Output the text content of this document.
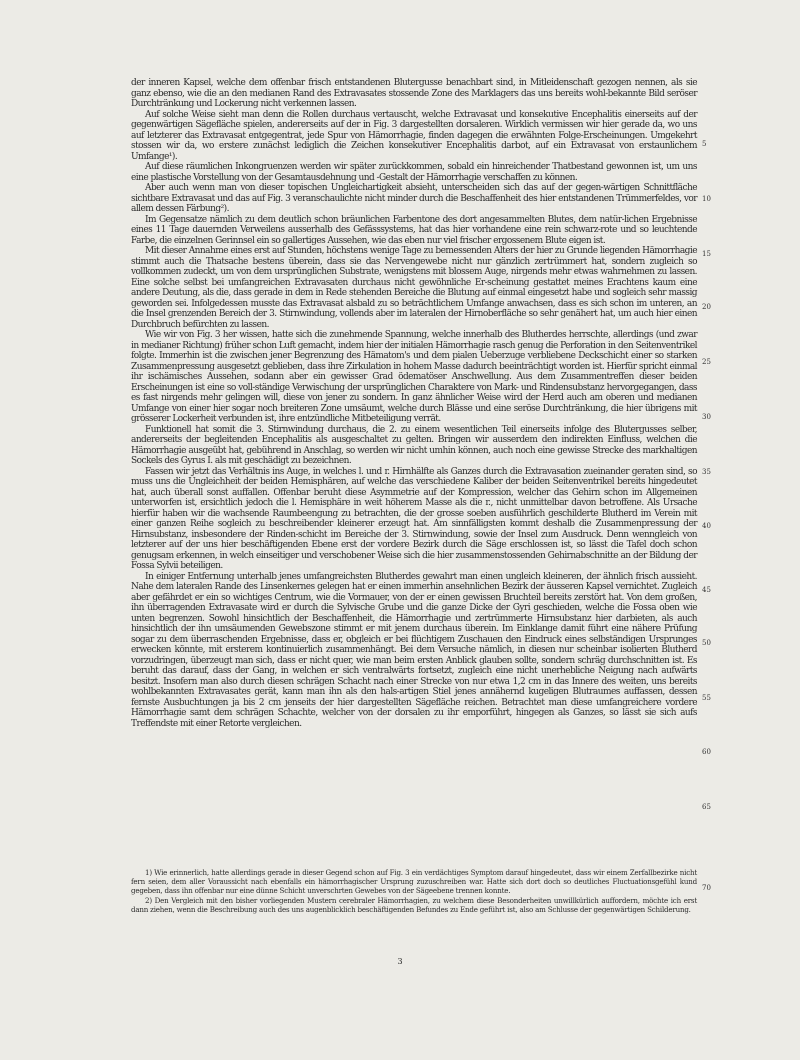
der inneren Kapsel, welche dem offenbar frisch entstandenen Blutergusse benachbart sind, in Mitleidenschaft gezogen nennen, als sie ganz ebenso, wie die an den medianen Rand des Extravasates stossende Zone des Marklagers das uns bereits wohl-bekannte Bild seröser Durchtränkung und Lockerung nicht verkennen lassen.

Auf solche Weise sieht man denn die Rollen durchaus vertauscht, welche Extravasat und konsekutive Encephalitis einerseits auf der gegenwärtigen Sägefläche spielen, andererseits auf der in Fig. 3 dargestellten dorsaleren. Wirklich vermissen wir hier gerade da, wo uns auf letzterer das Extravasat entgegentrat, jede Spur von Hämorrhagie, finden dagegen die erwähnten Folge-Erscheinungen. Umgekehrt stossen wir da, wo erstere zunächst lediglich die Zeichen konsekutiver Encephalitis darbot, auf ein Extravasat von erstaunlichem Umfange¹).

Auf diese räumlichen Inkongruenzen werden wir später zurückkommen, sobald ein hinreichender Thatbestand gewonnen ist, um uns eine plastische Vorstellung von der Gesamtausdehnung und -Gestalt der Hämorrhagie verschaffen zu können.

Aber auch wenn man von dieser topischen Ungleichartigkeit absieht, unterscheiden sich das auf der gegen-wärtigen Schnittfläche sichtbare Extravasat und das auf Fig. 3 veranschaulichte nicht minder durch die Beschaffenheit des hier entstandenen Trümmerfeldes, vor allem dessen Färbung²).

Im Gegensatze nämlich zu dem deutlich schon bräunlichen Farbentone des dort angesammelten Blutes, dem natür-lichen Ergebnisse eines 11 Tage dauernden Verweilens ausserhalb des Gefässsystems, hat das hier vorhandene eine rein schwarz-rote und so leuchtende Farbe, die einzelnen Gerinnsel ein so gallertiges Aussehen, wie das eben nur viel frischer ergossenem Blute eigen ist.

Mit dieser Annahme eines erst auf Stunden, höchstens wenige Tage zu bemessenden Alters der hier zu Grunde liegenden Hämorrhagie stimmt auch die Thatsache bestens überein, dass sie das Nervengewebe nicht nur gänzlich zertrümmert hat, sondern zugleich so vollkommen zudeckt, um von dem ursprünglichen Substrate, wenigstens mit blossem Auge, nirgends mehr etwas wahrnehmen zu lassen. Eine solche selbst bei umfangreichen Extravasaten durchaus nicht gewöhnliche Er-scheinung gestattet meines Erachtens kaum eine andere Deutung, als die, dass gerade in dem in Rede stehenden Bereiche die Blutung auf einmal eingesetzt habe und sogleich sehr massig geworden sei. Infolgedessen musste das Extravasat alsbald zu so beträchtlichem Umfange anwachsen, dass es sich schon im unteren, an die Insel grenzenden Bereich der 3. Stirnwindung, vollends aber im lateralen der Hirnoberfläche so sehr genähert hat, um auch hier einen Durchbruch befürchten zu lassen.

Wie wir von Fig. 3 her wissen, hatte sich die zunehmende Spannung, welche innerhalb des Blutherdes herrschte, allerdings (und zwar in medianer Richtung) früher schon Luft gemacht, indem hier der initialen Hämorrhagie rasch genug die Perforation in den Seitenventrikel folgte. Immerhin ist die zwischen jener Begrenzung des Hämatom's und dem pialen Ueberzuge verbliebene Deckschicht einer so starken Zusammenpressung ausgesetzt geblieben, dass ihre Zirkulation in hohem Masse dadurch beeinträchtigt worden ist. Hierfür spricht einmal ihr ischämisches Aussehen, sodann aber ein gewisser Grad ödematöser Anschwellung. Aus dem Zusammentreffen dieser beiden Erscheinungen ist eine so voll-ständige Verwischung der ursprünglichen Charaktere von Mark- und Rindensubstanz hervorgegangen, dass es fast nirgends mehr gelingen will, diese von jener zu sondern. In ganz ähnlicher Weise wird der Herd auch am oberen und medianen Umfange von einer hier sogar noch breiteren Zone umsäumt, welche durch Blässe und eine seröse Durchtränkung, die hier übrigens mit grösserer Lockerheit verbunden ist, ihre entzündliche Mitbeteiligung verrät.

Funktionell hat somit die 3. Stirnwindung durchaus, die 2. zu einem wesentlichen Teil einerseits infolge des Blutergusses selber, andererseits der begleitenden Encephalitis als ausgeschaltet zu gelten. Bringen wir ausserdem den indirekten Einfluss, welchen die Hämorrhagie ausgeübt hat, gebührend in Anschlag, so werden wir nicht umhin können, auch noch eine gewisse Strecke des markhaltigen Sockels des Gyrus I. als mit geschädigt zu bezeichnen.

Fassen wir jetzt das Verhältnis ins Auge, in welches l. und r. Hirnhälfte als Ganzes durch die Extravasation zueinander geraten sind, so muss uns die Ungleichheit der beiden Hemisphären, auf welche das verschiedene Kaliber der beiden Seitenventrikel bereits hingedeutet hat, auch überall sonst auffallen. Offenbar beruht diese Asymmetrie auf der Kompression, welcher das Gehirn schon im Allgemeinen unterworfen ist, ersichtlich jedoch die l. Hemisphäre in weit höherem Masse als die r., nicht unmittelbar davon betroffene. Als Ursache hierfür haben wir die wachsende Raumbeengung zu betrachten, die der grosse soeben ausführlich geschilderte Blutherd im Verein mit einer ganzen Reihe sogleich zu beschreibender kleinerer erzeugt hat. Am sinnfälligsten kommt deshalb die Zusammenpressung der Hirnsubstanz, insbesondere der Rinden-schicht im Bereiche der 3. Stirnwindung, sowie der Insel zum Ausdruck. Denn wenngleich von letzterer auf der uns hier beschäftigenden Ebene erst der vordere Bezirk durch die Säge erschlossen ist, so lässt die Tafel doch schon genugsam erkennen, in welch einseitiger und verschobener Weise sich die hier zusammenstossenden Gehirnabschnitte an der Bildung der Fossa Sylvii beteiligen.

In einiger Entfernung unterhalb jenes umfangreichsten Blutherdes gewahrt man einen ungleich kleineren, der ähnlich frisch aussieht. Nahe dem lateralen Rande des Linsenkernes gelegen hat er einen immerhin ansehnlichen Bezirk der äusseren Kapsel vernichtet. Zugleich aber gefährdet er ein so wichtiges Centrum, wie die Vormauer, von der er einen gewissen Bruchteil bereits zerstört hat. Von dem großen, ihn überragenden Extravasate wird er durch die Sylvische Grube und die ganze Dicke der Gyri geschieden, welche die Fossa oben wie unten begrenzen. Sowohl hinsichtlich der Beschaffenheit, die Hämorrhagie und zertrümmerte Hirnsubstanz hier darbieten, als auch hinsichtlich der ihn umsäumenden Gewebszone stimmt er mit jenem durchaus überein. Im Einklange damit führt eine nähere Prüfung sogar zu dem überraschenden Ergebnisse, dass er, obgleich er bei flüchtigem Zuschauen den Eindruck eines selbständigen Ursprunges erwecken könnte, mit ersterem kontinuierlich zusammenhängt. Bei dem Versuche nämlich, in diesen nur scheinbar isolierten Blutherd vorzudringen, überzeugt man sich, dass er nicht quer, wie man beim ersten Anblick glauben sollte, sondern schräg durchschnitten ist. Es beruht das darauf, dass der Gang, in welchen er sich ventralwärts fortsetzt, zugleich eine nicht unerhebliche Neigung nach aufwärts besitzt. Insofern man also durch diesen schrägen Schacht nach einer Strecke von nur etwa 1,2 cm in das Innere des weiten, uns bereits wohlbekannten Extravasates gerät, kann man ihn als den hals-artigen Stiel jenes annähernd kugeligen Blutraumes auffassen, dessen fernste Ausbuchtungen ja bis 2 cm jenseits der hier dargestellten Sägefläche reichen. Betrachtet man diese umfangreichere vordere Hämorrhagie samt dem schrägen Schachte, welcher von der dorsalen zu ihr emporführt, hingegen als Ganzes, so lässt sie sich aufs Treffendste mit einer Retorte vergleichen.

5
10
15
20
25
30
35
40
45
50
55
60
65
70

1) Wie erinnerlich, hatte allerdings gerade in dieser Gegend schon auf Fig. 3 ein verdächtiges Symptom darauf hingedeutet, dass wir einem Zerfallbezirke nicht fern seien, dem aller Voraussicht nach ebenfalls ein hämorrhagischer Ursprung zuzuschreiben war. Hatte sich dort doch so deutliches Fluctuationsgefühl kund gegeben, dass ihn offenbar nur eine dünne Schicht unverschrten Gewebes von der Sägeebene trennen konnte.

2) Den Vergleich mit den bisher vorliegenden Mustern cerebraler Hämorrhagien, zu welchem diese Besonderheiten unwillkürlich auffordern, möchte ich erst dann ziehen, wenn die Beschreibung auch des uns augenblicklich beschäftigenden Befundes zu Ende geführt ist, also am Schlusse der gegenwärtigen Schilderung.

3
